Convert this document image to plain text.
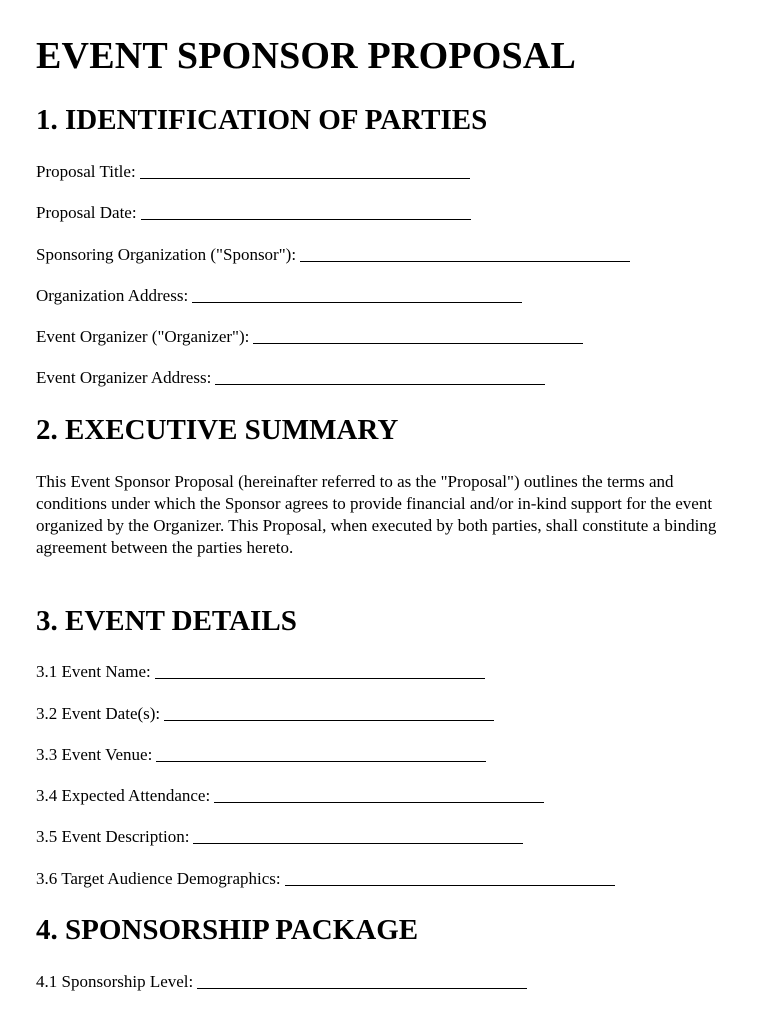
EVENT SPONSOR PROPOSAL
1. IDENTIFICATION OF PARTIES
Proposal Title:
Proposal Date:
Sponsoring Organization ("Sponsor"):
Organization Address:
Event Organizer ("Organizer"):
Event Organizer Address:
2. EXECUTIVE SUMMARY

This Event Sponsor Proposal (hereinafter referred to as the "Proposal") outlines the terms and conditions under which the Sponsor agrees to provide financial and/or in-kind support for the event organized by the Organizer. This Proposal, when executed by both parties, shall constitute a binding agreement between the parties hereto.

3. EVENT DETAILS
3.1 Event Name:
3.2 Event Date(s):
3.3 Event Venue:
3.4 Expected Attendance:
3.5 Event Description:
3.6 Target Audience Demographics:
4. SPONSORSHIP PACKAGE
4.1 Sponsorship Level:
